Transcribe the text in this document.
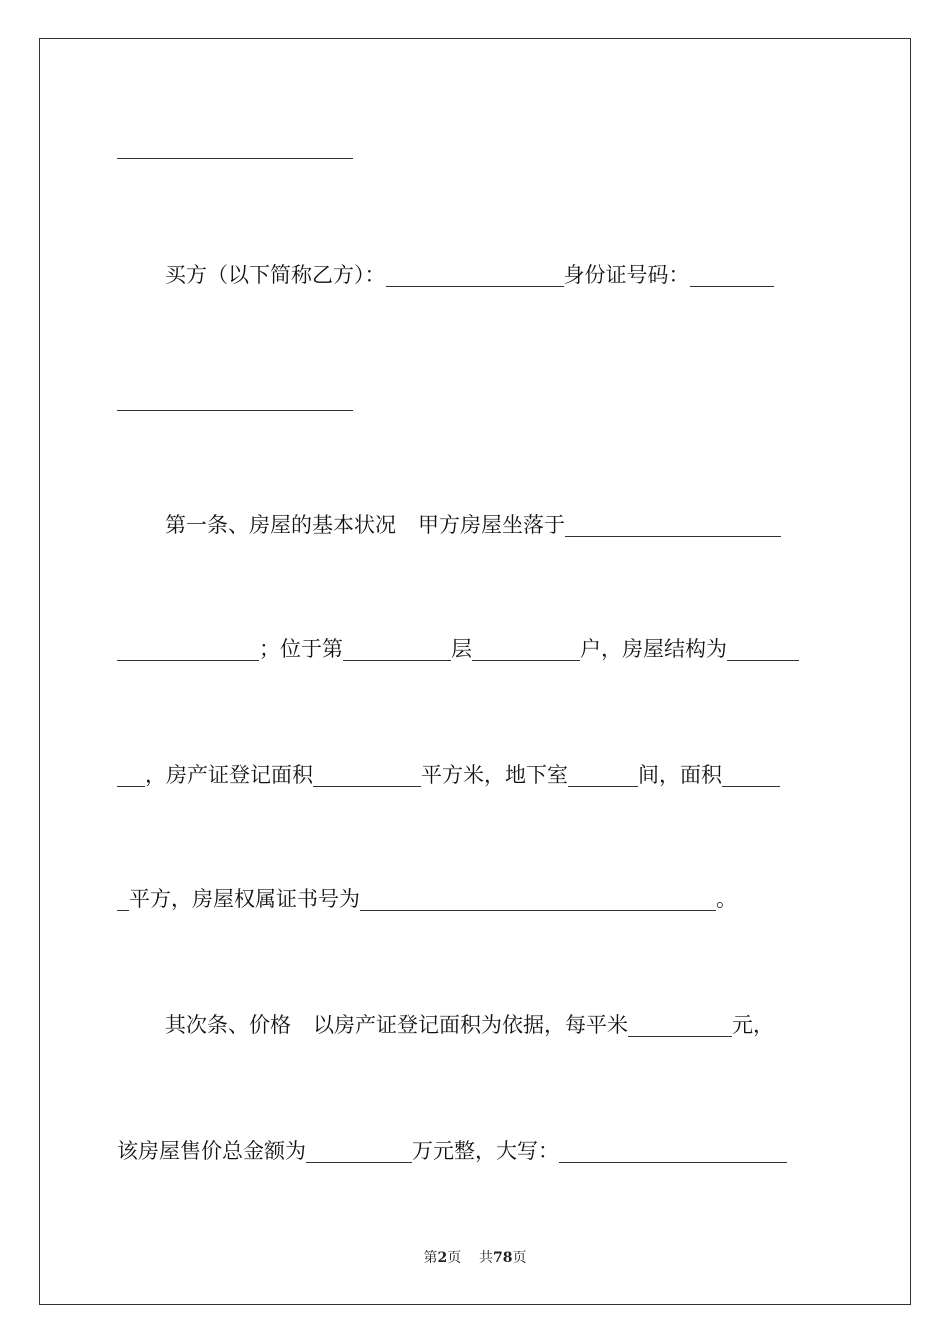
买方（以下简称乙方）：	身份证号码：
第一条、房屋的基本状况 甲方房屋坐落于
；位于第	层	户，房屋结构为
，房产证登记面积	平方米，地下室	间，面积
平方，房屋权属证书号为	。
其次条、价格 以房产证登记面积为依据，每平米	元，
该房屋售价总金额为	万元整，大写：
第2页 共78页
